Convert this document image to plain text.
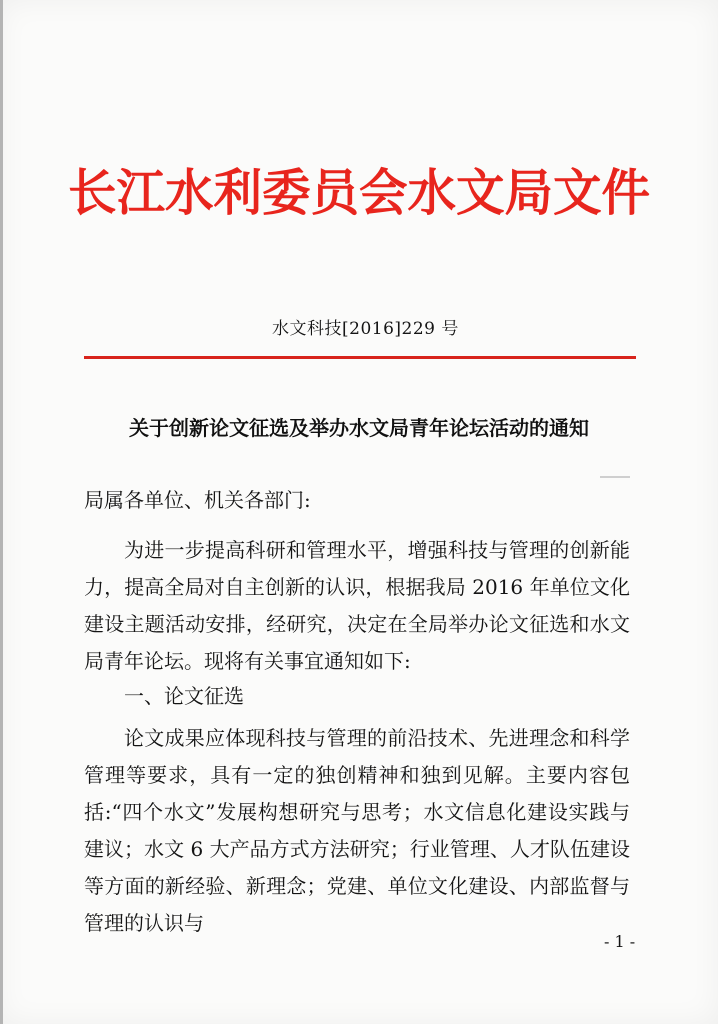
长江水利委员会水文局文件
水文科技[2016]229 号
关于创新论文征选及举办水文局青年论坛活动的通知
局属各单位、机关各部门:
为进一步提高科研和管理水平，增强科技与管理的创新能力，提高全局对自主创新的认识，根据我局 2016 年单位文化建设主题活动安排，经研究，决定在全局举办论文征选和水文局青年论坛。现将有关事宜通知如下:
一、论文征选
论文成果应体现科技与管理的前沿技术、先进理念和科学管理等要求，具有一定的独创精神和独到见解。主要内容包括:“四个水文”发展构想研究与思考；水文信息化建设实践与建议；水文 6 大产品方式方法研究；行业管理、人才队伍建设等方面的新经验、新理念；党建、单位文化建设、内部监督与管理的认识与
- 1 -
